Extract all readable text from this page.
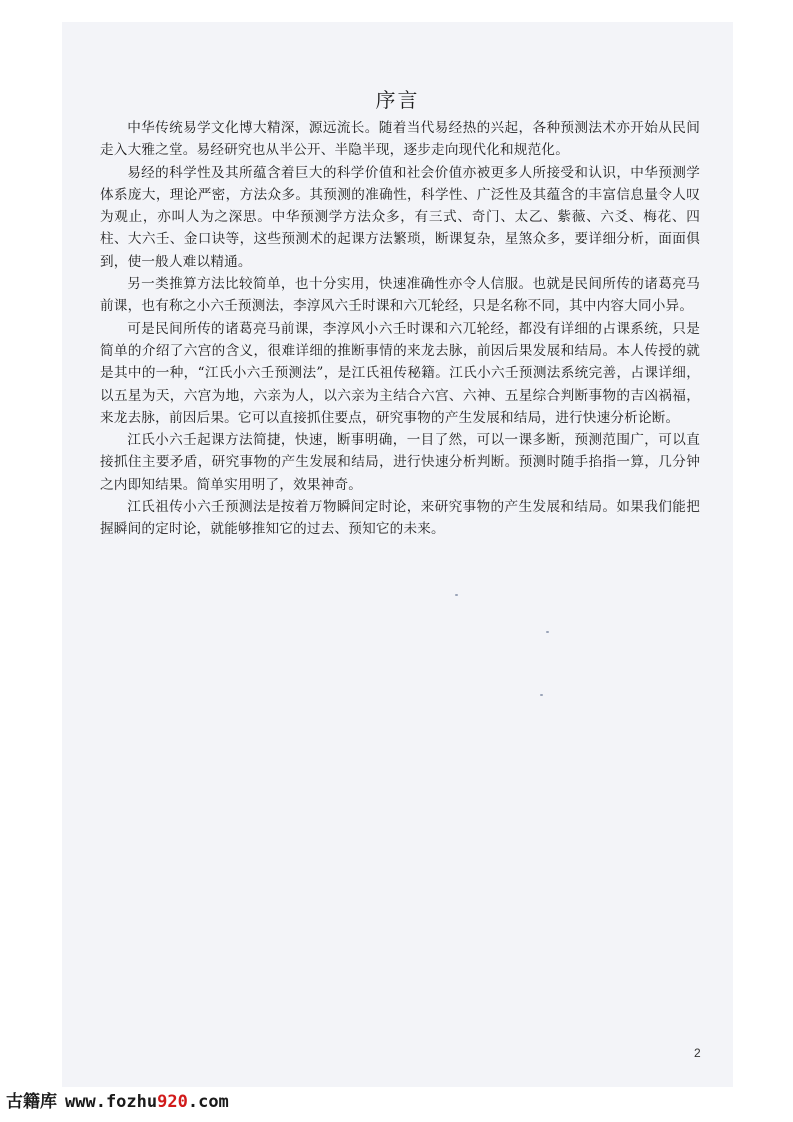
序言

中华传统易学文化博大精深，源远流长。随着当代易经热的兴起，各种预测法术亦开始从民间走入大雅之堂。易经研究也从半公开、半隐半现，逐步走向现代化和规范化。

易经的科学性及其所蕴含着巨大的科学价值和社会价值亦被更多人所接受和认识，中华预测学体系庞大，理论严密，方法众多。其预测的准确性，科学性、广泛性及其蕴含的丰富信息量令人叹为观止，亦叫人为之深思。中华预测学方法众多，有三式、奇门、太乙、紫薇、六爻、梅花、四柱、大六壬、金口诀等，这些预测术的起课方法繁琐，断课复杂，星煞众多，要详细分析，面面俱到，使一般人难以精通。

另一类推算方法比较简单，也十分实用，快速准确性亦令人信服。也就是民间所传的诸葛亮马前课，也有称之小六壬预测法，李淳风六壬时课和六兀轮经，只是名称不同，其中内容大同小异。

可是民间所传的诸葛亮马前课，李淳风小六壬时课和六兀轮经，都没有详细的占课系统，只是简单的介绍了六宫的含义，很难详细的推断事情的来龙去脉，前因后果发展和结局。本人传授的就是其中的一种，“江氏小六壬预测法”，是江氏祖传秘籍。江氏小六壬预测法系统完善，占课详细，以五星为天，六宫为地，六亲为人，以六亲为主结合六宫、六神、五星综合判断事物的吉凶祸福，来龙去脉，前因后果。它可以直接抓住要点，研究事物的产生发展和结局，进行快速分析论断。

江氏小六壬起课方法简捷，快速，断事明确，一目了然，可以一课多断，预测范围广，可以直接抓住主要矛盾，研究事物的产生发展和结局，进行快速分析判断。预测时随手掐指一算，几分钟之内即知结果。简单实用明了，效果神奇。

江氏祖传小六壬预测法是按着万物瞬间定时论，来研究事物的产生发展和结局。如果我们能把握瞬间的定时论，就能够推知它的过去、预知它的未来。

2
古籍库 www.fozhu920.com
